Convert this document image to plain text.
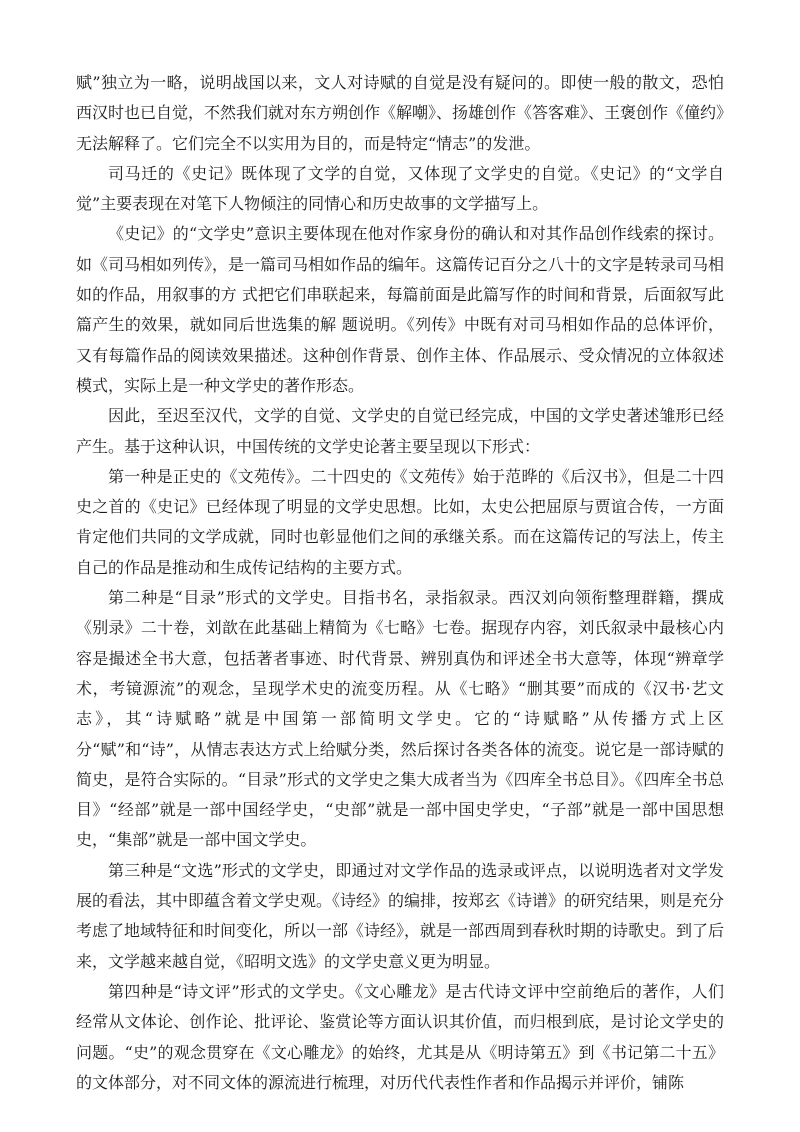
赋”独立为一略，说明战国以来，文人对诗赋的自觉是没有疑问的。即使一般的散文，恐怕西汉时也已自觉，不然我们就对东方朔创作《解嘲》、扬雄创作《答客难》、王褒创作《僮约》无法解释了。它们完全不以实用为目的，而是特定“情志”的发泄。

司马迁的《史记》既体现了文学的自觉，又体现了文学史的自觉。《史记》的“文学自觉”主要表现在对笔下人物倾注的同情心和历史故事的文学描写上。

《史记》的“文学史”意识主要体现在他对作家身份的确认和对其作品创作线索的探讨。如《司马相如列传》，是一篇司马相如作品的编年。这篇传记百分之八十的文字是转录司马相如的作品，用叙事的方 式把它们串联起来，每篇前面是此篇写作的时间和背景，后面叙写此篇产生的效果，就如同后世选集的解 题说明。《列传》中既有对司马相如作品的总体评价，又有每篇作品的阅读效果描述。这种创作背景、创作主体、作品展示、受众情况的立体叙述模式，实际上是一种文学史的著作形态。

因此，至迟至汉代，文学的自觉、文学史的自觉已经完成，中国的文学史著述雏形已经产生。基于这种认识，中国传统的文学史论著主要呈现以下形式：

第一种是正史的《文苑传》。二十四史的《文苑传》始于范晔的《后汉书》，但是二十四史之首的《史记》已经体现了明显的文学史思想。比如，太史公把屈原与贾谊合传，一方面肯定他们共同的文学成就，同时也彰显他们之间的承继关系。而在这篇传记的写法上，传主自己的作品是推动和生成传记结构的主要方式。

第二种是“目录”形式的文学史。目指书名，录指叙录。西汉刘向领衔整理群籍，撰成《别录》二十卷，刘歆在此基础上精简为《七略》七卷。据现存内容，刘氏叙录中最核心内容是撮述全书大意，包括著者事迹、时代背景、辨别真伪和评述全书大意等，体现“辨章学术，考镜源流”的观念，呈现学术史的流变历程。从《七略》“删其要”而成的《汉书·艺文志》，其“诗赋略”就是中国第一部简明文学史。它的“诗赋略”从传播方式上区分“赋”和“诗”，从情志表达方式上给赋分类，然后探讨各类各体的流变。说它是一部诗赋的简史，是符合实际的。“目录”形式的文学史之集大成者当为《四库全书总目》。《四库全书总目》“经部”就是一部中国经学史，“史部”就是一部中国史学史，“子部”就是一部中国思想史，“集部”就是一部中国文学史。

第三种是“文选”形式的文学史，即通过对文学作品的选录或评点，以说明选者对文学发展的看法，其中即蕴含着文学史观。《诗经》的编排，按郑玄《诗谱》的研究结果，则是充分考虑了地域特征和时间变化，所以一部《诗经》，就是一部西周到春秋时期的诗歌史。到了后来，文学越来越自觉，《昭明文选》的文学史意义更为明显。

第四种是“诗文评”形式的文学史。《文心雕龙》是古代诗文评中空前绝后的著作，人们经常从文体论、创作论、批评论、鉴赏论等方面认识其价值，而归根到底，是讨论文学史的问题。“史”的观念贯穿在《文心雕龙》的始终，尤其是从《明诗第五》到《书记第二十五》的文体部分，对不同文体的源流进行梳理，对历代代表性作者和作品揭示并评价，铺陈
